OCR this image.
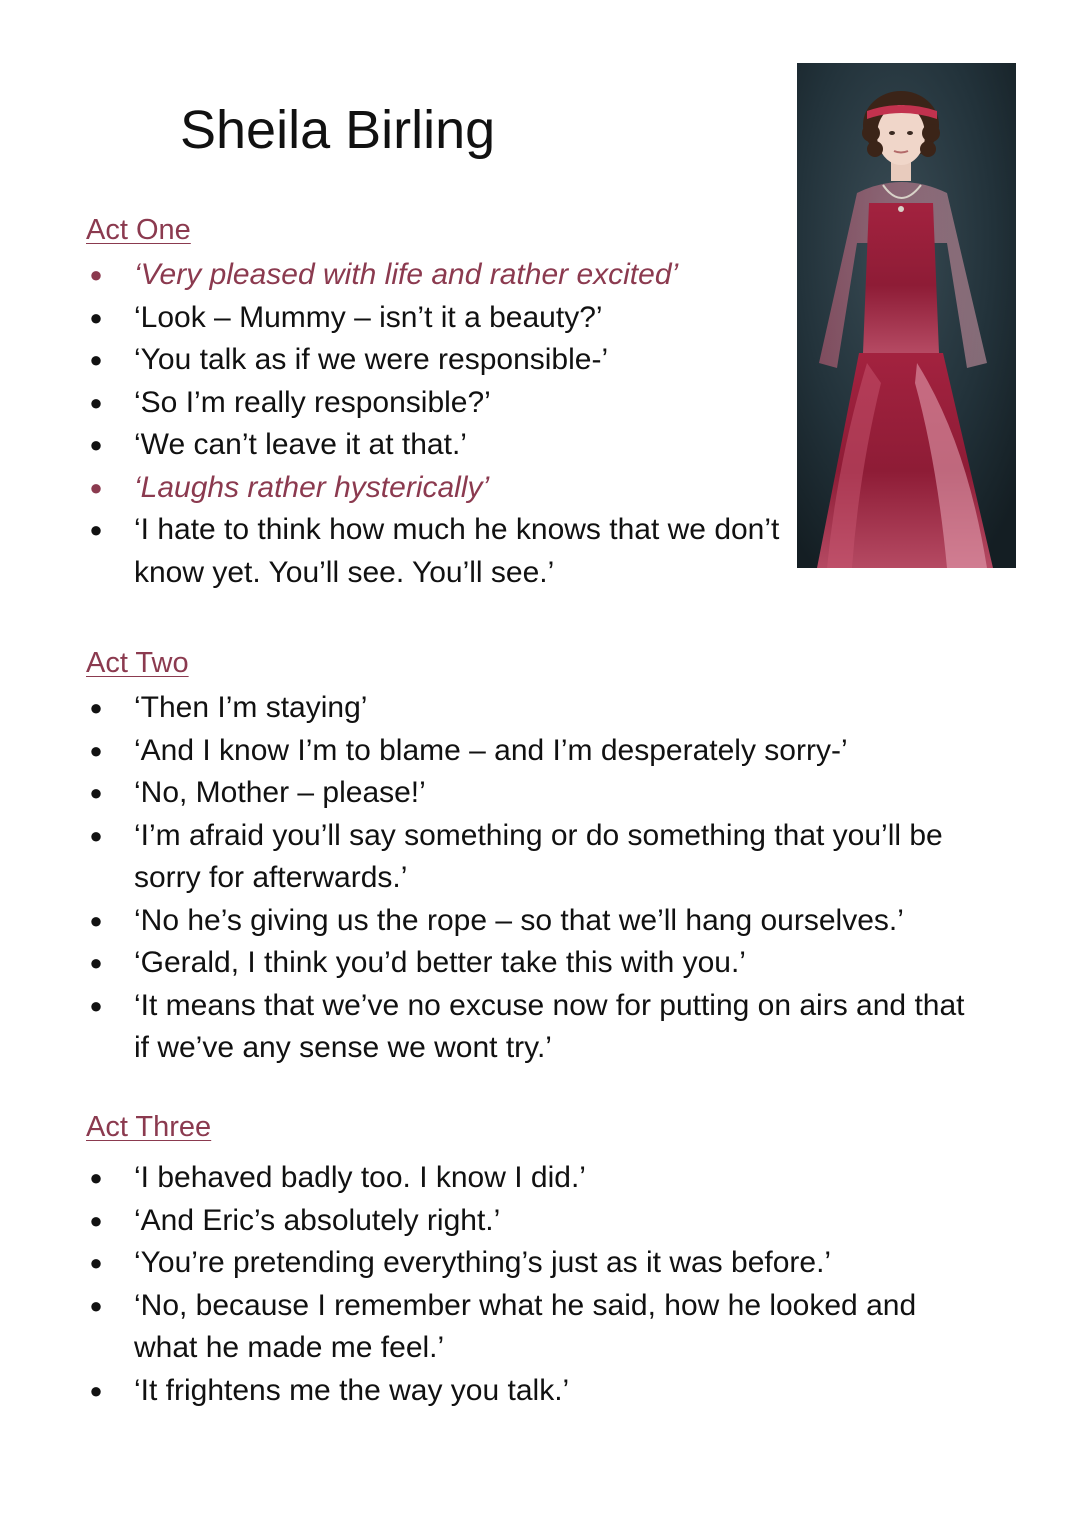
Sheila Birling
Act One
● ‘Very pleased with life and rather excited’
● ‘Look – Mummy – isn’t it a beauty?’
● ‘You talk as if we were responsible-’
● ‘So I’m really responsible?’
● ‘We can’t leave it at that.’
● ‘Laughs rather hysterically’
● ‘I hate to think how much he knows that we don’t know yet. You’ll see. You’ll see.’
Act Two
● ‘Then I’m staying’
● ‘And I know I’m to blame – and I’m desperately sorry-’
● ‘No, Mother – please!’
● ‘I’m afraid you’ll say something or do something that you’ll be sorry for afterwards.’
● ‘No he’s giving us the rope – so that we’ll hang ourselves.’
● ‘Gerald, I think you’d better take this with you.’
● ‘It means that we’ve no excuse now for putting on airs and that if we’ve any sense we wont try.’
Act Three
● ‘I behaved badly too. I know I did.’
● ‘And Eric’s absolutely right.’
● ‘You’re pretending everything’s just as it was before.’
● ‘No, because I remember what he said, how he looked and what he made me feel.’
● ‘It frightens me the way you talk.’
